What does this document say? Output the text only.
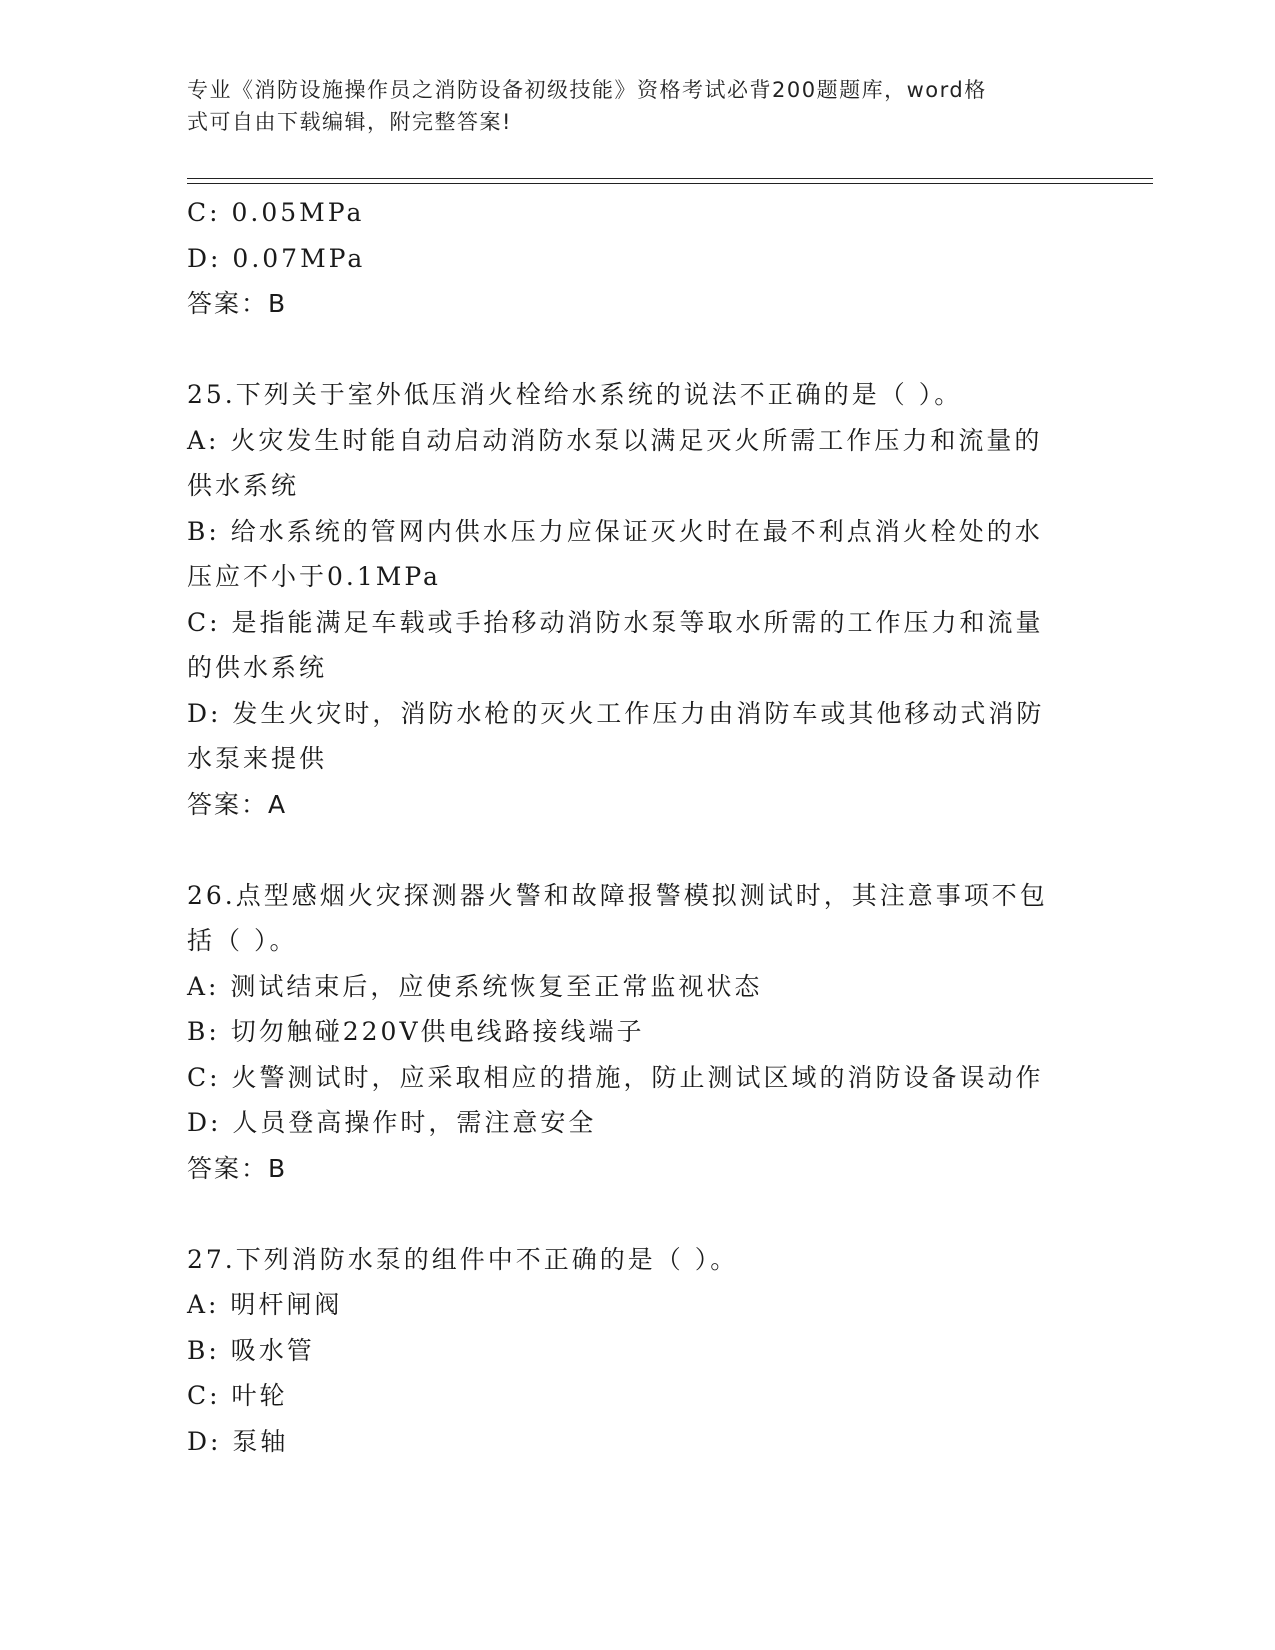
专业《消防设施操作员之消防设备初级技能》资格考试必背200题题库，word格
式可自由下载编辑，附完整答案!
C: 0.05MPa
D: 0.07MPa
答案：B
25.下列关于室外低压消火栓给水系统的说法不正确的是（ ）。
A: 火灾发生时能自动启动消防水泵以满足灭火所需工作压力和流量的
供水系统
B: 给水系统的管网内供水压力应保证灭火时在最不利点消火栓处的水
压应不小于0.1MPa
C: 是指能满足车载或手抬移动消防水泵等取水所需的工作压力和流量
的供水系统
D: 发生火灾时，消防水枪的灭火工作压力由消防车或其他移动式消防
水泵来提供
答案：A
26.点型感烟火灾探测器火警和故障报警模拟测试时，其注意事项不包
括（ ）。
A: 测试结束后，应使系统恢复至正常监视状态
B: 切勿触碰220V供电线路接线端子
C: 火警测试时，应采取相应的措施，防止测试区域的消防设备误动作
D: 人员登高操作时，需注意安全
答案：B
27.下列消防水泵的组件中不正确的是（ ）。
A: 明杆闸阀
B: 吸水管
C: 叶轮
D: 泵轴
